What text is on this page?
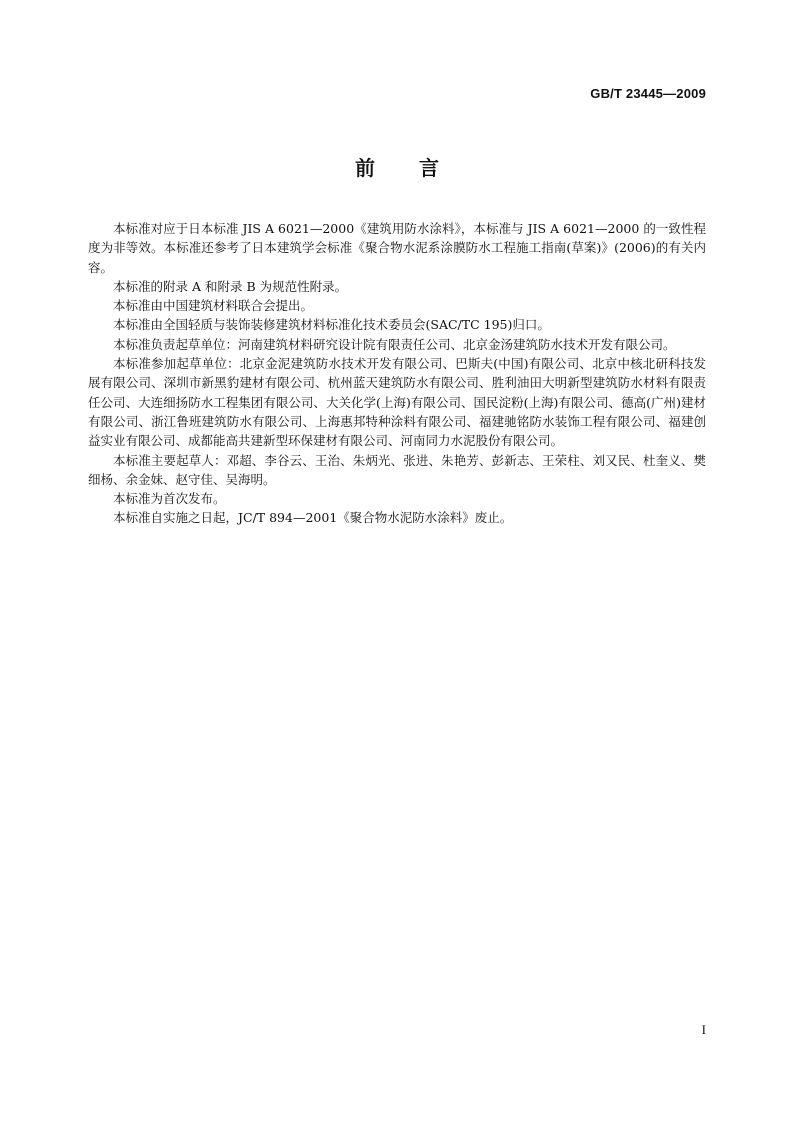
GB/T 23445—2009
前言

本标准对应于日本标准 JIS A 6021—2000《建筑用防水涂料》，本标准与 JIS A 6021—2000 的一致性程度为非等效。本标准还参考了日本建筑学会标准《聚合物水泥系涂膜防水工程施工指南(草案)》(2006)的有关内容。

本标准的附录 A 和附录 B 为规范性附录。

本标准由中国建筑材料联合会提出。

本标准由全国轻质与装饰装修建筑材料标准化技术委员会(SAC/TC 195)归口。

本标准负责起草单位：河南建筑材料研究设计院有限责任公司、北京金汤建筑防水技术开发有限公司。

本标准参加起草单位：北京金泥建筑防水技术开发有限公司、巴斯夫(中国)有限公司、北京中核北研科技发展有限公司、深圳市新黑豹建材有限公司、杭州蓝天建筑防水有限公司、胜利油田大明新型建筑防水材料有限责任公司、大连细扬防水工程集团有限公司、大关化学(上海)有限公司、国民淀粉(上海)有限公司、德高(广州)建材有限公司、浙江鲁班建筑防水有限公司、上海惠邦特种涂料有限公司、福建驰铭防水装饰工程有限公司、福建创益实业有限公司、成都能高共建新型环保建材有限公司、河南同力水泥股份有限公司。

本标准主要起草人：邓超、李谷云、王治、朱炳光、张进、朱艳芳、彭新志、王荣柱、刘又民、杜奎义、樊细杨、余金妹、赵守佳、吴海明。

本标准为首次发布。

本标准自实施之日起，JC/T 894—2001《聚合物水泥防水涂料》废止。

I
